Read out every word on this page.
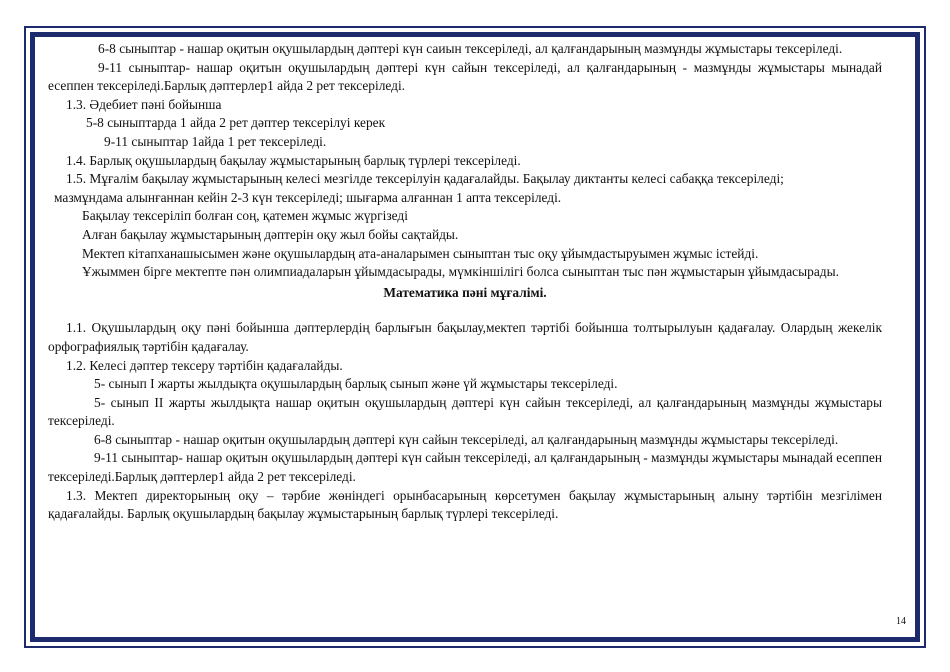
6-8 сыныптар - нашар оқитын оқушылардың дәптері күн саиын тексеріледі, ал қалғандарының мазмұнды жұмыстары тексеріледі.

9-11 сыныптар- нашар оқитын оқушылардың дәптері күн сайын тексеріледі, ал қалғандарының - мазмұнды жұмыстары мынадай есеппен тексеріледі.Барлық дәптерлер1 айда 2 рет тексеріледі.

1.3. Әдебиет пәні бойынша

5-8 сыныптарда 1 айда 2 рет дәптер тексерілуі керек

9-11 сыныптар 1айда 1 рет тексеріледі.

1.4. Барлық оқушылардың бақылау жұмыстарының барлық түрлері тексеріледі.

1.5. Мұғалім бақылау жұмыстарының келесі мезгілде тексерілуін қадағалайды. Бақылау диктанты келесі сабаққа тексеріледі;

мазмұндама алынғаннан кейін 2-3 күн тексеріледі; шығарма алғаннан 1 апта тексеріледі.

Бақылау тексеріліп болған соң, қатемен жұмыс жүргізеді

Алған бақылау жұмыстарының дәптерін оқу жыл бойы сақтайды.

Мектеп кітапханашысымен және оқушылардың ата-аналарымен сыныптан тыс оқу ұйымдастыруымен жұмыс істейді.

Ұжыммен бірге мектепте пән олимпиадаларын ұйымдасырады, мүмкіншілігі болса сыныптан тыс пән жұмыстарын ұйымдасырады.

Математика пәні мұғалімі.

1.1. Оқушылардың оқу пәні бойынша дәптерлердің барлығын бақылау,мектеп тәртібі бойынша толтырылуын қадағалау. Олардың жекелік орфографиялық тәртібін қадағалау.

1.2. Келесі дәптер тексеру тәртібін қадағалайды.

5- сынып І жарты жылдықта оқушылардың барлық сынып және үй жұмыстары тексеріледі.

5- сынып ІІ жарты жылдықта нашар оқитын оқушылардың дәптері күн сайын тексеріледі, ал қалғандарының мазмұнды жұмыстары тексеріледі.

6-8 сыныптар - нашар оқитын оқушылардың дәптері күн сайын тексеріледі, ал қалғандарының мазмұнды жұмыстары тексеріледі.

9-11 сыныптар- нашар оқитын оқушылардың дәптері күн сайын тексеріледі, ал қалғандарының - мазмұнды жұмыстары мынадай есеппен тексеріледі.Барлық дәптерлер1 айда 2 рет тексеріледі.

1.3. Мектеп директорының оқу – тәрбие жөніндегі орынбасарының көрсетумен бақылау жұмыстарының алыну тәртібін мезгілімен қадағалайды. Барлық оқушылардың бақылау жұмыстарының барлық түрлері тексеріледі.

14
